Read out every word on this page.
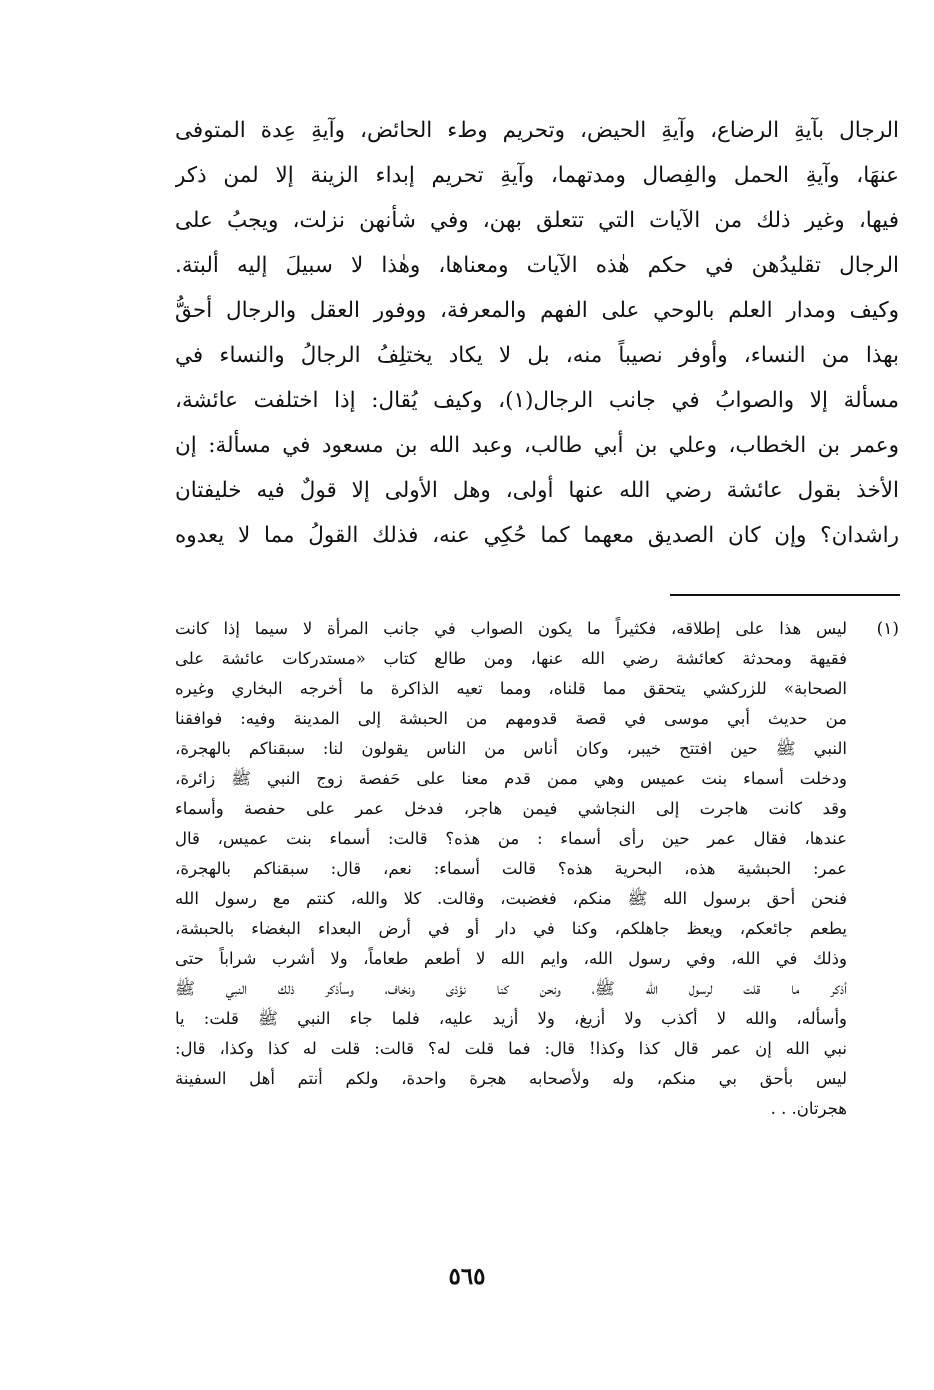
الرجال بآيةِ الرضاع، وآيةِ الحيض، وتحريم وطء الحائض، وآيةِ عِدة المتوفى
عنهَا، وآيةِ الحمل والفِصال ومدتهما، وآيةِ تحريم إبداء الزينة إلا لمن ذكر
فيها، وغير ذلك من الآيات التي تتعلق بهن، وفي شأنهن نزلت، ويجبُ على
الرجال تقليدُهن في حكم هٰذه الآيات ومعناها، وهٰذا لا سبيلَ إليه ألبتة.
وكيف ومدار العلم بالوحي على الفهم والمعرفة، ووفور العقل والرجال أحقُّ
بهذا من النساء، وأوفر نصيباً منه، بل لا يكاد يختلِفُ الرجالُ والنساء في
مسألة إلا والصوابُ في جانب الرجال(١)، وكيف يُقال: إذا اختلفت عائشة،
وعمر بن الخطاب، وعلي بن أبي طالب، وعبد الله بن مسعود في مسألة: إن
الأخذ بقول عائشة رضي الله عنها أولى، وهل الأولى إلا قولٌ فيه خليفتان
راشدان؟ وإن كان الصديق معهما كما حُكِي عنه، فذلك القولُ مما لا يعدوه
(١)
ليس هذا على إطلاقه، فكثيراً ما يكون الصواب في جانب المرأة لا سيما إذا كانت
فقيهة ومحدثة كعائشة رضي الله عنها، ومن طالع كتاب «مستدركات عائشة على
الصحابة» للزركشي يتحقق مما قلناه، ومما تعيه الذاكرة ما أخرجه البخاري وغيره
من حديث أبي موسى في قصة قدومهم من الحبشة إلى المدينة وفيه: فوافقنا
النبي ﷺ حين افتتح خيبر، وكان أناس من الناس يقولون لنا: سبقناكم بالهجرة،
ودخلت أسماء بنت عميس وهي ممن قدم معنا على حَفصة زوج النبي ﷺ زائرة،
وقد كانت هاجرت إلى النجاشي فيمن هاجر، فدخل عمر على حفصة وأسماء
عندها، فقال عمر حين رأى أسماء : من هذه؟ قالت: أسماء بنت عميس، قال
عمر: الحبشية هذه، البحرية هذه؟ قالت أسماء: نعم، قال: سبقناكم بالهجرة،
فنحن أحق برسول الله ﷺ منكم، فغضبت، وقالت. كلا والله، كنتم مع رسول الله
يطعم جائعكم، ويعظ جاهلكم، وكنا في دار أو في أرض البعداء البغضاء بالحبشة،
وذلك في الله، وفي رسول الله، وايم الله لا أطعم طعاماً، ولا أشرب شراباً حتى
أذكر ما قلت لرسول الله ﷺ، ونحن كنا نؤذى ونخاف، وسأذكر ذلك النبي ﷺ
وأسأله، والله لا أكذب ولا أزيغ، ولا أزيد عليه، فلما جاء النبي ﷺ قلت: يا
نبي الله إن عمر قال كذا وكذا! قال: فما قلت له؟ قالت: قلت له كذا وكذا، قال:
ليس بأحق بي منكم، وله ولأصحابه هجرة واحدة، ولكم أنتم أهل السفينة
هجرتان. . .
٥٦٥
